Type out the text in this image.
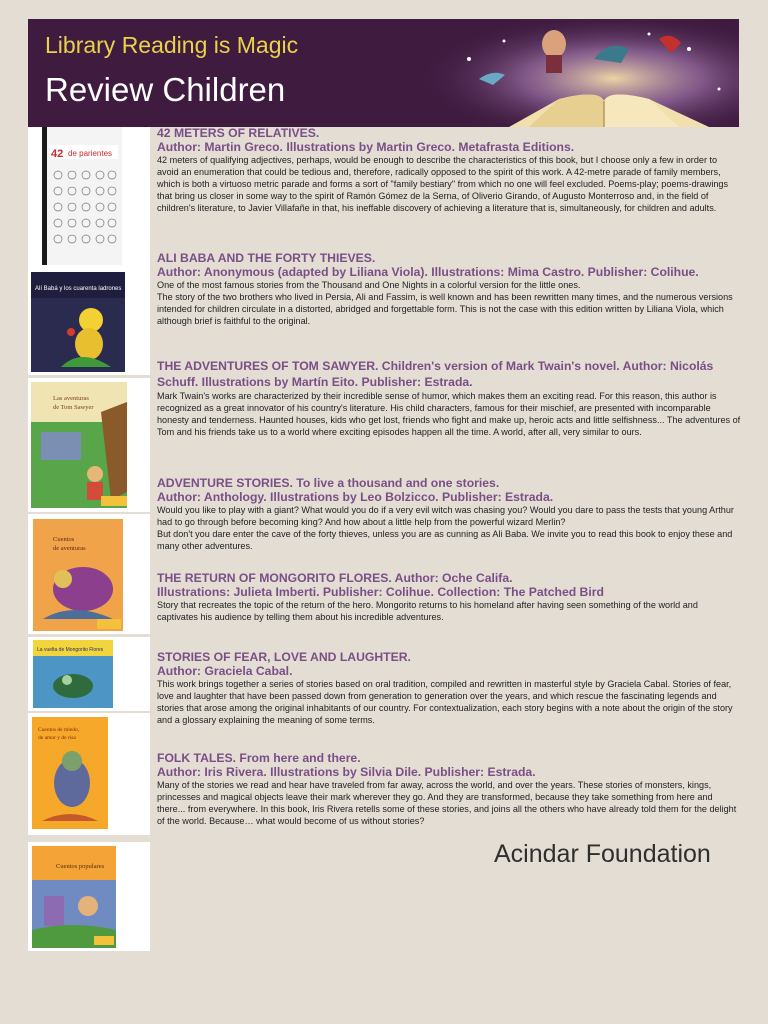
Library Reading is Magic
Review Children
42 de parientes
Alí Babá y los cuarenta ladrones
Las aventuras
de Tom Sawyer
Cuentos
de aventuras
La vuelta de Mongorito Flores
Cuentos de miedo,
de amor y de risa
Cuentos populares
42 METERS OF RELATIVES.
Author: Martin Greco. Illustrations by Martin Greco. Metafrasta Editions.

42 meters of qualifying adjectives, perhaps, would be enough to describe the characteristics of this book, but I choose only a few in order to avoid an enumeration that could be tedious and, therefore, radically opposed to the spirit of this work. A 42-metre parade of family members, which is both a virtuoso metric parade and forms a sort of "family bestiary" from which no one will feel excluded. Poems-play; poems-drawings that bring us closer in some way to the spirit of Ramón Gómez de la Serna, of Oliverio Girando, of Augusto Monterroso and, in the field of children's literature, to Javier Villafañe in that, his ineffable discovery of achieving a literature that is, simultaneously, for children and adults.

ALI BABA AND THE FORTY THIEVES.
Author: Anonymous (adapted by Liliana Viola). Illustrations: Mima Castro. Publisher: Colihue.

One of the most famous stories from the Thousand and One Nights in a colorful version for the little ones.

The story of the two brothers who lived in Persia, Ali and Fassim, is well known and has been rewritten many times, and the numerous versions intended for children circulate in a distorted, abridged and forgettable form. This is not the case with this edition written by Liliana Viola, which although brief is faithful to the original.

THE ADVENTURES OF TOM SAWYER. Children's version of Mark Twain's novel. Author: Nicolás Schuff. Illustrations by Martín Eito. Publisher: Estrada.

Mark Twain's works are characterized by their incredible sense of humor, which makes them an exciting read. For this reason, this author is recognized as a great innovator of his country's literature. His child characters, famous for their mischief, are presented with incomparable honesty and tenderness. Haunted houses, kids who get lost, friends who fight and make up, heroic acts and little selfishness... The adventures of Tom and his friends take us to a world where exciting episodes happen all the time. A world, after all, very similar to ours.

ADVENTURE STORIES. To live a thousand and one stories.
Author: Anthology. Illustrations by Leo Bolzicco. Publisher: Estrada.

Would you like to play with a giant? What would you do if a very evil witch was chasing you? Would you dare to pass the tests that young Arthur had to go through before becoming king? And how about a little help from the powerful wizard Merlin?

But don't you dare enter the cave of the forty thieves, unless you are as cunning as Ali Baba. We invite you to read this book to enjoy these and many other adventures.

THE RETURN OF MONGORITO FLORES. Author: Oche Califa.
Illustrations: Julieta Imberti. Publisher: Colihue. Collection: The Patched Bird

Story that recreates the topic of the return of the hero. Mongorito returns to his homeland after having seen something of the world and captivates his audience by telling them about his incredible adventures.

STORIES OF FEAR, LOVE AND LAUGHTER.
Author: Graciela Cabal.

This work brings together a series of stories based on oral tradition, compiled and rewritten in masterful style by Graciela Cabal. Stories of fear, love and laughter that have been passed down from generation to generation over the years, and which rescue the fascinating legends and stories that arose among the original inhabitants of our country. For contextualization, each story begins with a note about the origin of the story and a glossary explaining the meaning of some terms.

FOLK TALES. From here and there.
Author: Iris Rivera. Illustrations by Silvia Dile. Publisher: Estrada.

Many of the stories we read and hear have traveled from far away, across the world, and over the years. These stories of monsters, kings, princesses and magical objects leave their mark wherever they go. And they are transformed, because they take something from here and there... from everywhere. In this book, Iris Rivera retells some of these stories, and joins all the others who have already told them for the delight of the world. Because… what would become of us without stories?

Acindar Foundation
